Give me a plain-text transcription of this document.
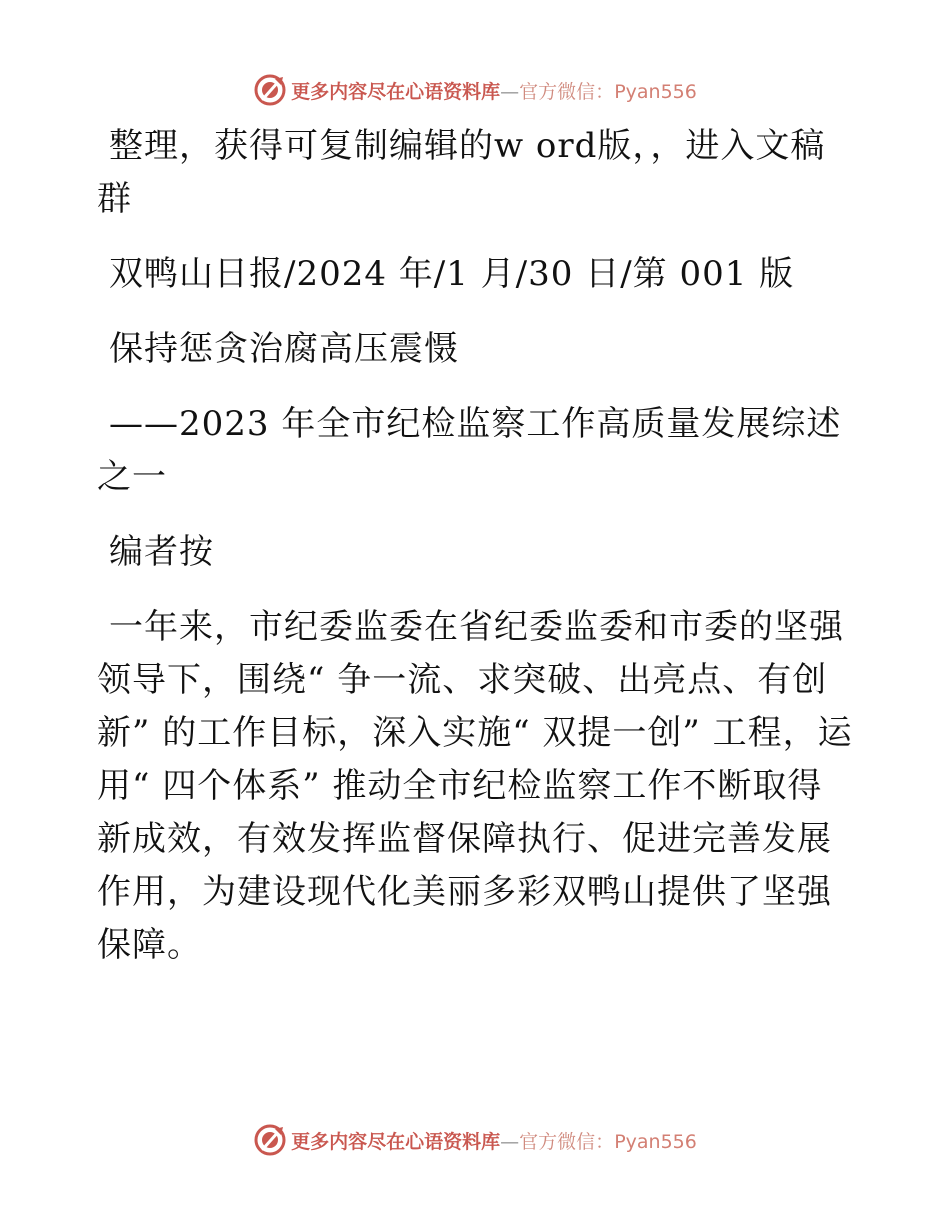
更多内容尽在心语资料库—官方微信：Pyan556

整理，获得可复制编辑的w ord版，，进入文稿群

双鸭山日报/2024 年/1 月/30 日/第 001 版

保持惩贪治腐高压震慑

——2023 年全市纪检监察工作高质量发展综述之一

编者按

一年来，市纪委监委在省纪委监委和市委的坚强领导下，围绕“ 争一流、求突破、出亮点、有创新” 的工作目标，深入实施“ 双提一创” 工程，运用“ 四个体系” 推动全市纪检监察工作不断取得新成效，有效发挥监督保障执行、促进完善发展作用，为建设现代化美丽多彩双鸭山提供了坚强保障。

更多内容尽在心语资料库—官方微信：Pyan556
